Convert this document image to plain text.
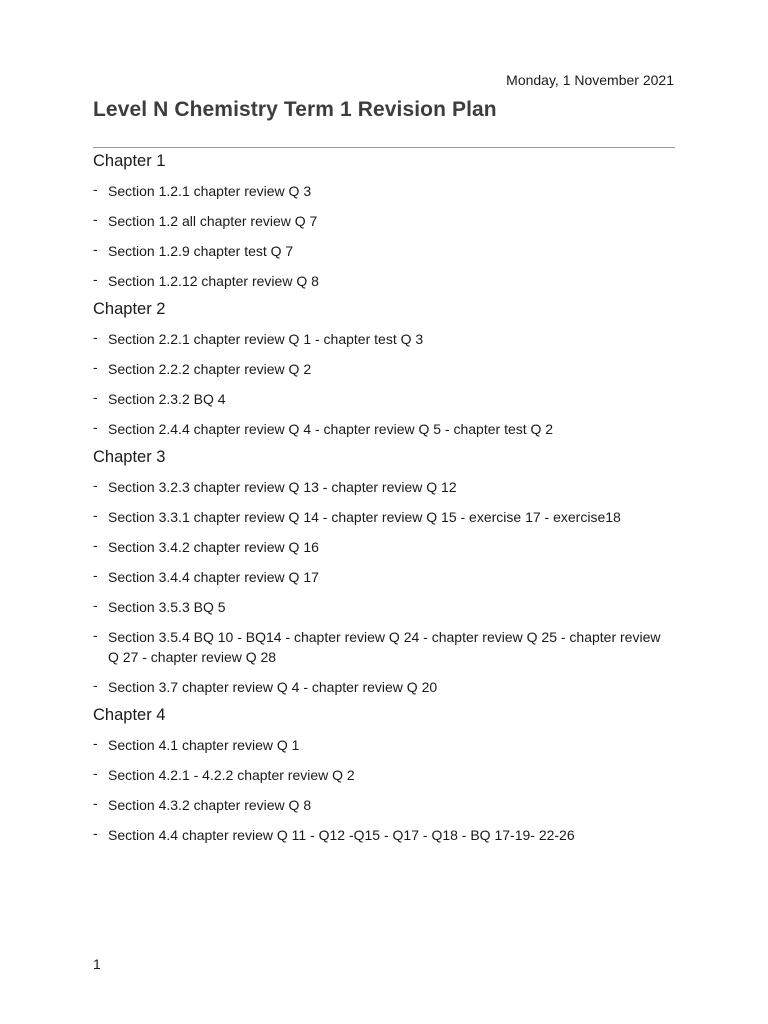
Monday, 1 November 2021
Level N Chemistry Term 1 Revision Plan
Chapter 1
- Section 1.2.1 chapter review Q 3
- Section 1.2 all chapter review Q 7
- Section 1.2.9 chapter test Q 7
- Section 1.2.12 chapter review Q 8
Chapter 2
- Section 2.2.1 chapter review Q 1 - chapter test Q 3
- Section 2.2.2 chapter review Q 2
- Section 2.3.2 BQ 4
- Section 2.4.4 chapter review Q 4 - chapter review Q 5 - chapter test Q 2
Chapter 3
- Section 3.2.3 chapter review Q 13 - chapter review Q 12
- Section 3.3.1 chapter review Q 14 - chapter review Q 15 - exercise 17 - exercise18
- Section 3.4.2 chapter review Q 16
- Section 3.4.4 chapter review Q 17
- Section 3.5.3 BQ 5
- Section 3.5.4 BQ 10 - BQ14 - chapter review Q 24 - chapter review Q 25 - chapter review Q 27 - chapter review Q 28
- Section 3.7 chapter review Q 4 - chapter review Q 20
Chapter 4
- Section 4.1 chapter review Q 1
- Section 4.2.1 - 4.2.2 chapter review Q 2
- Section 4.3.2 chapter review Q 8
- Section 4.4 chapter review Q 11 - Q12 -Q15 - Q17 - Q18 - BQ 17-19- 22-26
1
